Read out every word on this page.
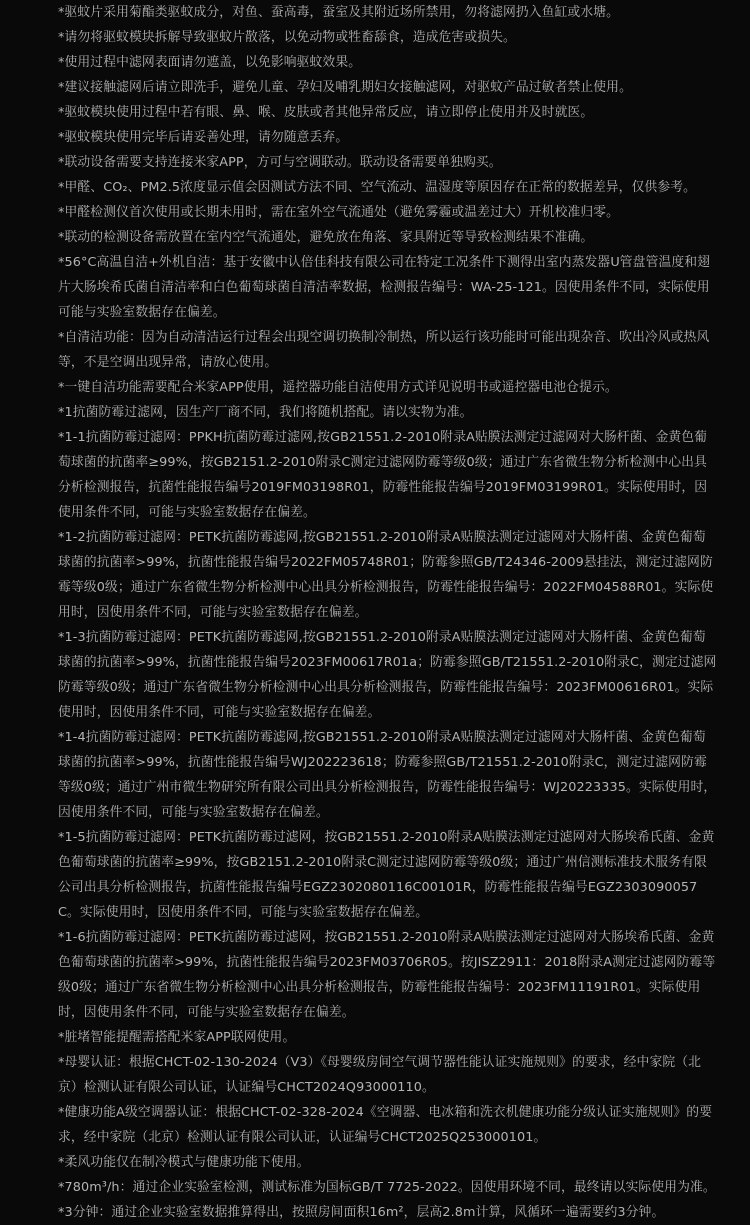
*驱蚊片采用菊酯类驱蚊成分，对鱼、蚕高毒，蚕室及其附近场所禁用，勿将滤网扔入鱼缸或水塘。

*请勿将驱蚊模块拆解导致驱蚊片散落，以免动物或牲畜舔食，造成危害或损失。

*使用过程中滤网表面请勿遮盖，以免影响驱蚊效果。

*建议接触滤网后请立即洗手，避免儿童、孕妇及哺乳期妇女接触滤网，对驱蚊产品过敏者禁止使用。

*驱蚊模块使用过程中若有眼、鼻、喉、皮肤或者其他异常反应，请立即停止使用并及时就医。

*驱蚊模块使用完毕后请妥善处理，请勿随意丢弃。

*联动设备需要支持连接米家APP，方可与空调联动。联动设备需要单独购买。

*甲醛、CO₂、PM2.5浓度显示值会因测试方法不同、空气流动、温湿度等原因存在正常的数据差异，仅供参考。

*甲醛检测仪首次使用或长期未用时，需在室外空气流通处（避免雾霾或温差过大）开机校准归零。

*联动的检测设备需放置在室内空气流通处，避免放在角落、家具附近等导致检测结果不准确。

*56°C高温自洁+外机自洁：基于安徽中认倍佳科技有限公司在特定工况条件下测得出室内蒸发器U管盘管温度和翅片大肠埃希氏菌自清洁率和白色葡萄球菌自清洁率数据，检测报告编号：WA-25-121。因使用条件不同，实际使用可能与实验室数据存在偏差。

*自清洁功能：因为自动清洁运行过程会出现空调切换制冷制热，所以运行该功能时可能出现杂音、吹出冷风或热风等，不是空调出现异常，请放心使用。

*一键自洁功能需要配合米家APP使用，遥控器功能自洁使用方式详见说明书或遥控器电池仓提示。

*1抗菌防霉过滤网，因生产厂商不同，我们将随机搭配。请以实物为准。

*1-1抗菌防霉过滤网：PPKH抗菌防霉过滤网,按GB21551.2-2010附录A贴膜法测定过滤网对大肠杆菌、金黄色葡萄球菌的抗菌率≥99%，按GB2151.2-2010附录C测定过滤网防霉等级0级；通过广东省微生物分析检测中心出具分析检测报告，抗菌性能报告编号2019FM03198R01，防霉性能报告编号2019FM03199R01。实际使用时，因使用条件不同，可能与实验室数据存在偏差。

*1-2抗菌防霉过滤网：PETK抗菌防霉滤网,按GB21551.2-2010附录A贴膜法测定过滤网对大肠杆菌、金黄色葡萄球菌的抗菌率>99%，抗菌性能报告编号2022FM05748R01；防霉参照GB/T24346-2009悬挂法，测定过滤网防霉等级0级；通过广东省微生物分析检测中心出具分析检测报告，防霉性能报告编号：2022FM04588R01。实际使用时，因使用条件不同，可能与实验室数据存在偏差。

*1-3抗菌防霉过滤网：PETK抗菌防霉滤网,按GB21551.2-2010附录A贴膜法测定过滤网对大肠杆菌、金黄色葡萄球菌的抗菌率>99%，抗菌性能报告编号2023FM00617R01a；防霉参照GB/T21551.2-2010附录C，测定过滤网防霉等级0级；通过广东省微生物分析检测中心出具分析检测报告，防霉性能报告编号：2023FM00616R01。实际使用时，因使用条件不同，可能与实验室数据存在偏差。

*1-4抗菌防霉过滤网：PETK抗菌防霉滤网,按GB21551.2-2010附录A贴膜法测定过滤网对大肠杆菌、金黄色葡萄球菌的抗菌率>99%，抗菌性能报告编号WJ202223618；防霉参照GB/T21551.2-2010附录C，测定过滤网防霉等级0级；通过广州市微生物研究所有限公司出具分析检测报告，防霉性能报告编号：WJ20223335。实际使用时，因使用条件不同，可能与实验室数据存在偏差。

*1-5抗菌防霉过滤网：PETK抗菌防霉过滤网，按GB21551.2-2010附录A贴膜法测定过滤网对大肠埃希氏菌、金黄色葡萄球菌的抗菌率≥99%，按GB2151.2-2010附录C测定过滤网防霉等级0级；通过广州信测标准技术服务有限公司出具分析检测报告，抗菌性能报告编号EGZ2302080116C00101R，防霉性能报告编号EGZ2303090057C。实际使用时，因使用条件不同，可能与实验室数据存在偏差。

*1-6抗菌防霉过滤网：PETK抗菌防霉过滤网，按GB21551.2-2010附录A贴膜法测定过滤网对大肠埃希氏菌、金黄色葡萄球菌的抗菌率>99%，抗菌性能报告编号2023FM03706R05。按JISZ2911：2018附录A测定过滤网防霉等级0级；通过广东省微生物分析检测中心出具分析检测报告，防霉性能报告编号：2023FM11191R01。实际使用时，因使用条件不同，可能与实验室数据存在偏差。

*脏堵智能提醒需搭配米家APP联网使用。

*母婴认证：根据CHCT-02-130-2024（V3）《母婴级房间空气调节器性能认证实施规则》的要求，经中家院（北京）检测认证有限公司认证，认证编号CHCT2024Q93000110。

*健康功能A级空调器认证：根据CHCT-02-328-2024《空调器、电冰箱和洗衣机健康功能分级认证实施规则》的要求，经中家院（北京）检测认证有限公司认证，认证编号CHCT2025Q253000101。

*柔风功能仅在制冷模式与健康功能下使用。

*780m³/h：通过企业实验室检测，测试标准为国标GB/T 7725-2022。因使用环境不同，最终请以实际使用为准。

*3分钟：通过企业实验室数据推算得出，按照房间面积16m²，层高2.8m计算，风循环一遍需要约3分钟。
